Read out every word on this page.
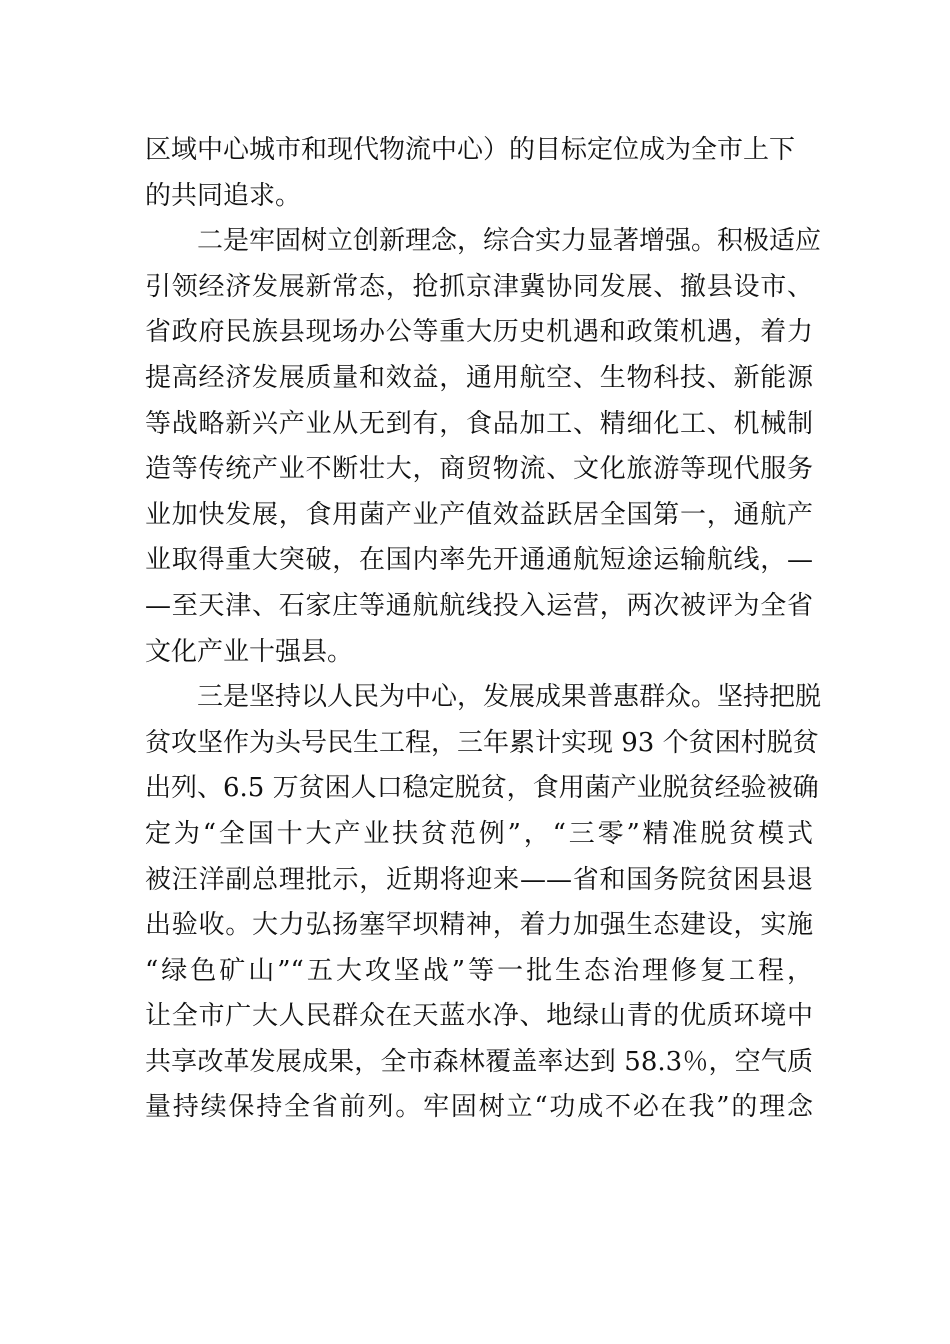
区域中心城市和现代物流中心）的目标定位成为全市上下
的共同追求。
二是牢固树立创新理念，综合实力显著增强。积极适应
引领经济发展新常态，抢抓京津冀协同发展、撤县设市、
省政府民族县现场办公等重大历史机遇和政策机遇，着力
提高经济发展质量和效益，通用航空、生物科技、新能源
等战略新兴产业从无到有，食品加工、精细化工、机械制
造等传统产业不断壮大，商贸物流、文化旅游等现代服务
业加快发展，食用菌产业产值效益跃居全国第一，通航产
业取得重大突破，在国内率先开通通航短途运输航线，—
—至天津、石家庄等通航航线投入运营，两次被评为全省
文化产业十强县。
三是坚持以人民为中心，发展成果普惠群众。坚持把脱
贫攻坚作为头号民生工程，三年累计实现 93 个贫困村脱贫
出列、6.5 万贫困人口稳定脱贫，食用菌产业脱贫经验被确
定为“全国十大产业扶贫范例”，“三零”精准脱贫模式
被汪洋副总理批示，近期将迎来——省和国务院贫困县退
出验收。大力弘扬塞罕坝精神，着力加强生态建设，实施
“绿色矿山”“五大攻坚战”等一批生态治理修复工程，
让全市广大人民群众在天蓝水净、地绿山青的优质环境中
共享改革发展成果，全市森林覆盖率达到 58.3％，空气质
量持续保持全省前列。牢固树立“功成不必在我”的理念
